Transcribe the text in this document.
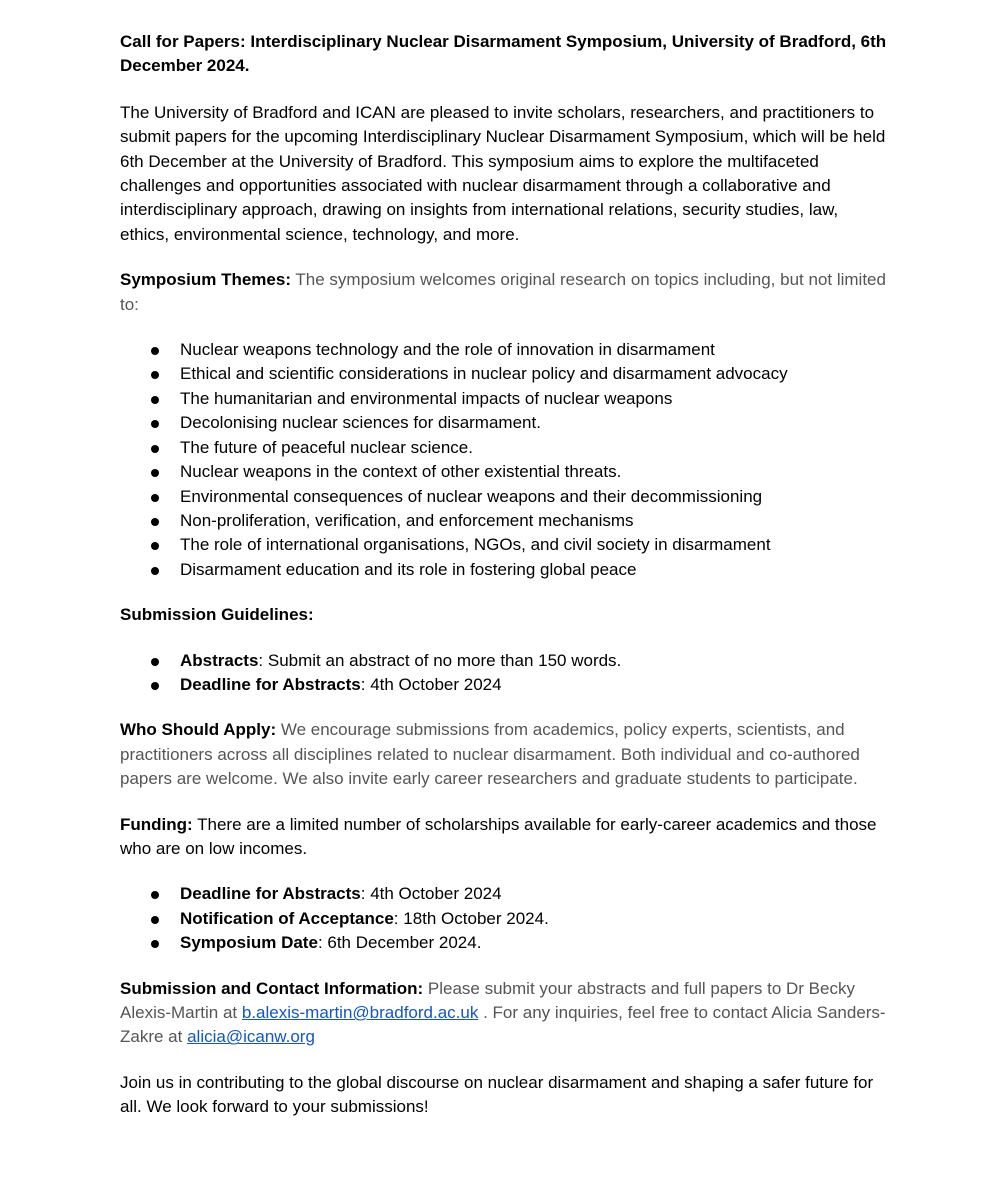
Call for Papers: Interdisciplinary Nuclear Disarmament Symposium, University of Bradford, 6th December 2024.

The University of Bradford and ICAN are pleased to invite scholars, researchers, and practitioners to submit papers for the upcoming Interdisciplinary Nuclear Disarmament Symposium, which will be held 6th December at the University of Bradford. This symposium aims to explore the multifaceted challenges and opportunities associated with nuclear disarmament through a collaborative and interdisciplinary approach, drawing on insights from international relations, security studies, law, ethics, environmental science, technology, and more.

Symposium Themes: The symposium welcomes original research on topics including, but not limited to:

Nuclear weapons technology and the role of innovation in disarmament
Ethical and scientific considerations in nuclear policy and disarmament advocacy
The humanitarian and environmental impacts of nuclear weapons
Decolonising nuclear sciences for disarmament.
The future of peaceful nuclear science.
Nuclear weapons in the context of other existential threats.
Environmental consequences of nuclear weapons and their decommissioning
Non-proliferation, verification, and enforcement mechanisms
The role of international organisations, NGOs, and civil society in disarmament
Disarmament education and its role in fostering global peace

Submission Guidelines:

Abstracts: Submit an abstract of no more than 150 words.
Deadline for Abstracts: 4th October 2024

Who Should Apply: We encourage submissions from academics, policy experts, scientists, and practitioners across all disciplines related to nuclear disarmament. Both individual and co-authored papers are welcome. We also invite early career researchers and graduate students to participate.

Funding: There are a limited number of scholarships available for early-career academics and those who are on low incomes.

Deadline for Abstracts: 4th October 2024
Notification of Acceptance: 18th October 2024.
Symposium Date: 6th December 2024.

Submission and Contact Information: Please submit your abstracts and full papers to Dr Becky Alexis-Martin at b.alexis-martin@bradford.ac.uk . For any inquiries, feel free to contact Alicia Sanders-Zakre at alicia@icanw.org

Join us in contributing to the global discourse on nuclear disarmament and shaping a safer future for all. We look forward to your submissions!
